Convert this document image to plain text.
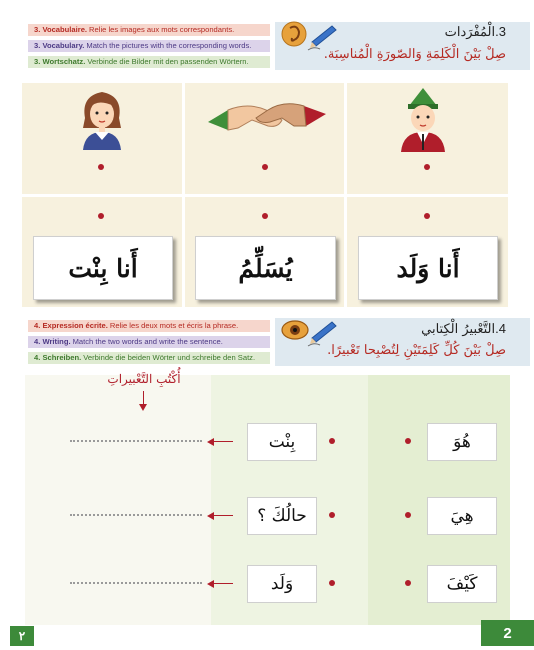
3. Vocabulaire. Relie les images aux mots correspondants.
3. Vocabulary. Match the pictures with the corresponding words.
3. Wortschatz. Verbinde die Bilder mit den passenden Wörtern.
3.الْمُفْرَدات
صِلْ بَيْنَ الْكَلِمَةِ وَالصّورَةِ الْمُناسِبَة.
أَنا بِنْت	يُسَلِّمُ	أَنا وَلَد
4. Expression écrite. Relie les deux mots et écris la phrase.
4. Writing. Match the two words and write the sentence.
4. Schreiben. Verbinde die beiden Wörter und schreibe den Satz.
4.التَّعْبيرُ الْكِتابي
صِلْ بَيْنَ كُلِّ كَلِمَتَيْنِ لِتُصْبِحا تَعْبيرًا.
أُكْتُبِ التَّعْبيراتِ
هُوَ
بِنْت
هِيَ
حالُكَ ؟
كَيْفَ
وَلَد
٢	2
